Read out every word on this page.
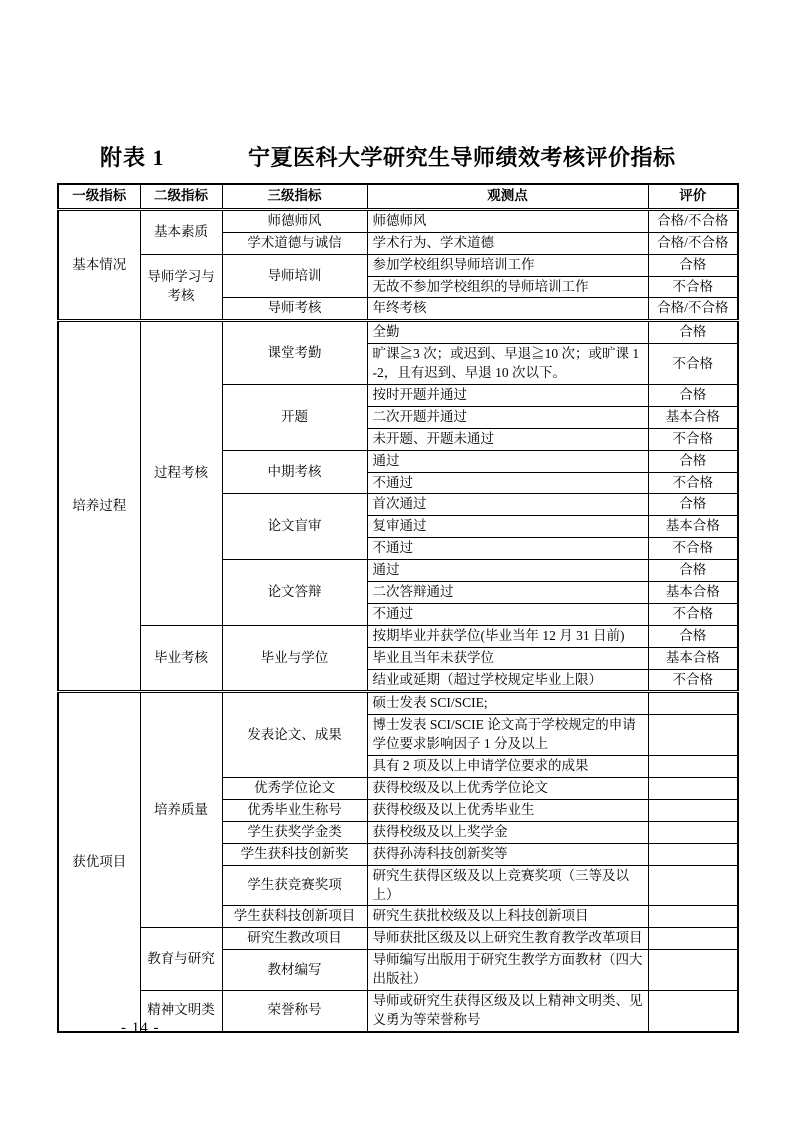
附表 1	宁夏医科大学研究生导师绩效考核评价指标
一级指标	二级指标	三级指标	观测点	评价
基本情况	基本素质	师德师风	师德师风	合格/不合格
		学术道德与诚信	学术行为、学术道德	合格/不合格
	导师学习与考核	导师培训	参加学校组织导师培训工作	合格
			无故不参加学校组织的导师培训工作	不合格
		导师考核	年终考核	合格/不合格
培养过程	过程考核	课堂考勤	全勤	合格
			旷课≧3 次；或迟到、早退≧10 次；或旷课 1-2，且有迟到、早退 10 次以下。	不合格
		开题	按时开题并通过	合格
			二次开题并通过	基本合格
			未开题、开题未通过	不合格
		中期考核	通过	合格
			不通过	不合格
		论文盲审	首次通过	合格
			复审通过	基本合格
			不通过	不合格
		论文答辩	通过	合格
			二次答辩通过	基本合格
			不通过	不合格
	毕业考核	毕业与学位	按期毕业并获学位(毕业当年 12 月 31 日前)	合格
			毕业且当年未获学位	基本合格
			结业或延期（超过学校规定毕业上限）	不合格
获优项目	培养质量	发表论文、成果	硕士发表 SCI/SCIE;	
			博士发表 SCI/SCIE 论文高于学校规定的申请学位要求影响因子 1 分及以上	
			具有 2 项及以上申请学位要求的成果	
		优秀学位论文	获得校级及以上优秀学位论文	
		优秀毕业生称号	获得校级及以上优秀毕业生	
		学生获奖学金类	获得校级及以上奖学金	
		学生获科技创新奖	获得孙涛科技创新奖等	
		学生获竞赛奖项	研究生获得区级及以上竞赛奖项（三等及以上）	
		学生获科技创新项目	研究生获批校级及以上科技创新项目	
	教育与研究	研究生教改项目	导师获批区级及以上研究生教育教学改革项目	
		教材编写	导师编写出版用于研究生教学方面教材（四大出版社）	
	精神文明类	荣誉称号	导师或研究生获得区级及以上精神文明类、见义勇为等荣誉称号	
- 14 -
